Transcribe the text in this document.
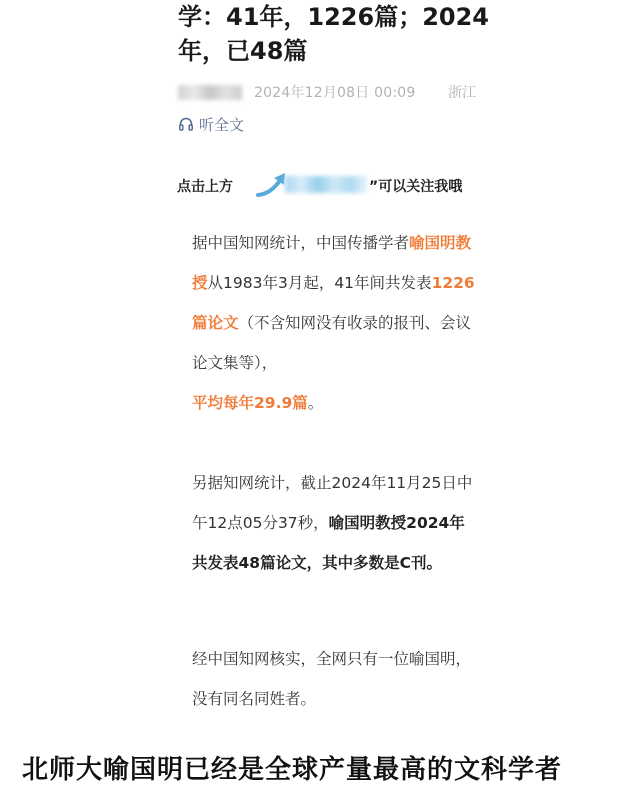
学：41年，1226篇；2024年，已48篇
2024年12月08日 00:09 浙江
听全文
点击上方	”可以关注我哦
据中国知网统计，中国传播学者喻国明教授从1983年3月起，41年间共发表1226篇论文（不含知网没有收录的报刊、会议论文集等），
平均每年29.9篇。
另据知网统计，截止2024年11月25日中午12点05分37秒，喻国明教授2024年共发表48篇论文，其中多数是C刊。
经中国知网核实，全网只有一位喻国明，没有同名同姓者。
北师大喻国明已经是全球产量最高的文科学者
